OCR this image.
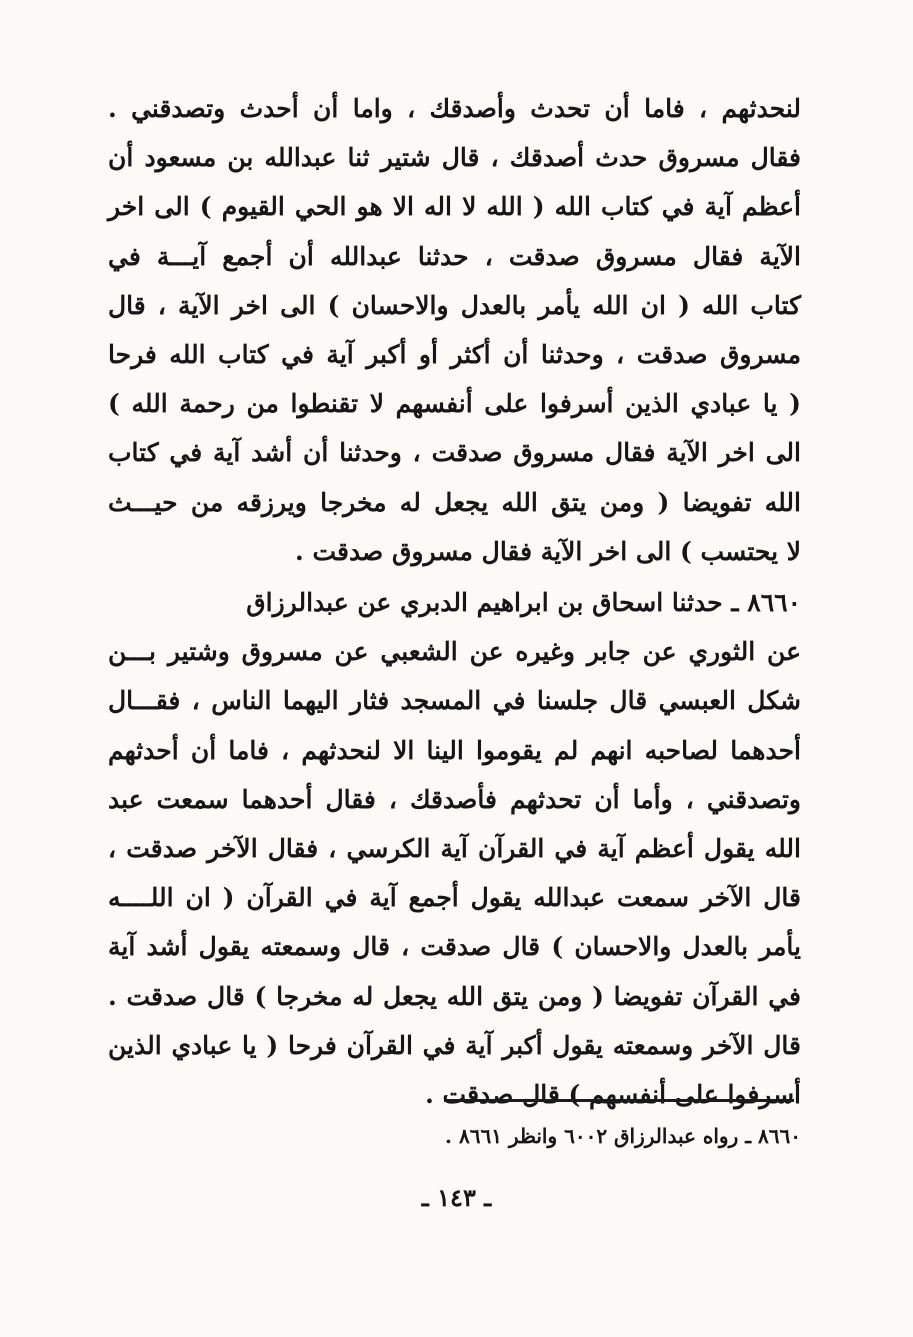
لنحدثهم ، فاما أن تحدث وأصدقك ، واما أن أحدث وتصدقني .
فقال مسروق حدث أصدقك ، قال شتير ثنا عبدالله بن مسعود أن
أعظم آية في كتاب الله ( الله لا اله الا هو الحي القيوم ) الى اخر
الآية فقال مسروق صدقت ، حدثنا عبدالله أن أجمع آيـــة في
كتاب الله ( ان الله يأمر بالعدل والاحسان ) الى اخر الآية ، قال
مسروق صدقت ، وحدثنا أن أكثر أو أكبر آية في كتاب الله فرحا
( يا عبادي الذين أسرفوا على أنفسهم لا تقنطوا من رحمة الله )
الى اخر الآية فقال مسروق صدقت ، وحدثنا أن أشد آية في كتاب
الله تفويضا ( ومن يتق الله يجعل له مخرجا ويرزقه من حيـــث
لا يحتسب ) الى اخر الآية فقال مسروق صدقت .
٨٦٦٠ ـ حدثنا اسحاق بن ابراهيم الدبري عن عبدالرزاق
عن الثوري عن جابر وغيره عن الشعبي عن مسروق وشتير بـــن
شكل العبسي قال جلسنا في المسجد فثار اليهما الناس ، فقـــال
أحدهما لصاحبه انهم لم يقوموا الينا الا لنحدثهم ، فاما أن أحدثهم
وتصدقني ، وأما أن تحدثهم فأصدقك ، فقال أحدهما سمعت عبد
الله يقول أعظم آية في القرآن آية الكرسي ، فقال الآخر صدقت ،
قال الآخر سمعت عبدالله يقول أجمع آية في القرآن ( ان اللــــه
يأمر بالعدل والاحسان ) قال صدقت ، قال وسمعته يقول أشد آية
في القرآن تفويضا ( ومن يتق الله يجعل له مخرجا ) قال صدقت .
قال الآخر وسمعته يقول أكبر آية في القرآن فرحا ( يا عبادي الذين
أسرفوا على أنفسهم ) قال صدقت .
٨٦٦٠ ـ رواه عبدالرزاق ٦٠٠٢ وانظر ٨٦٦١ .
ـ ١٤٣ ـ
